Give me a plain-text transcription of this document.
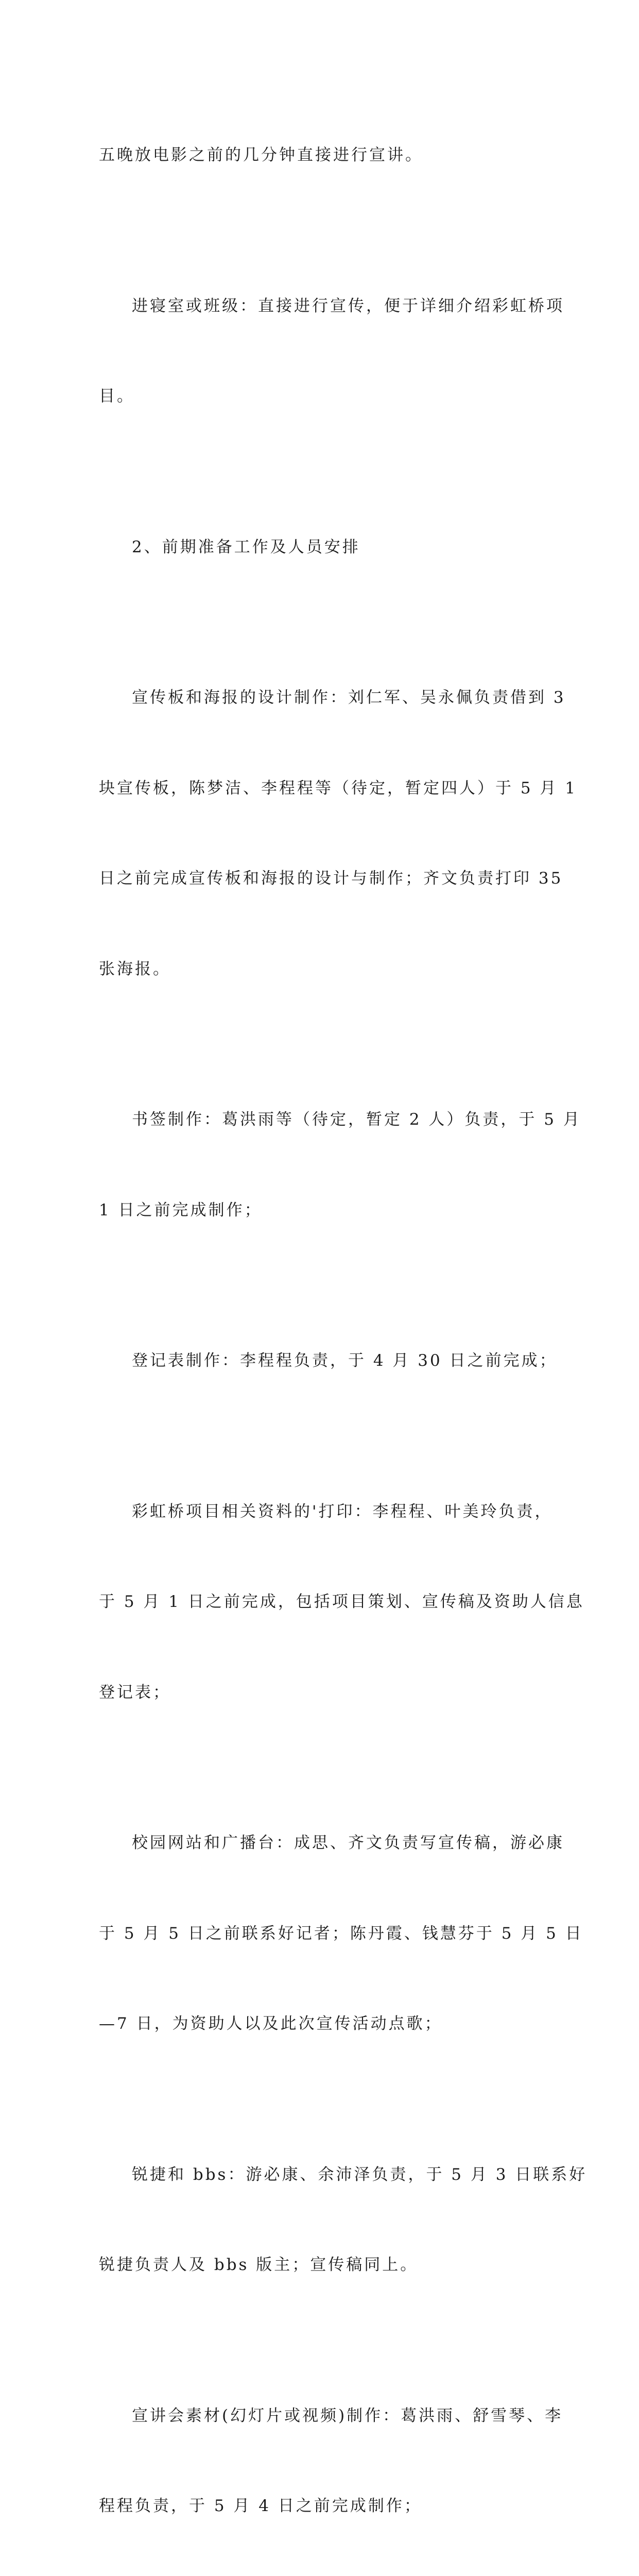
五晚放电影之前的几分钟直接进行宣讲。

进寝室或班级：直接进行宣传，便于详细介绍彩虹桥项

目。

2、前期准备工作及人员安排

宣传板和海报的设计制作：刘仁军、吴永佩负责借到 3

块宣传板，陈梦洁、李程程等（待定，暂定四人）于 5 月 1

日之前完成宣传板和海报的设计与制作；齐文负责打印 35

张海报。

书签制作：葛洪雨等（待定，暂定 2 人）负责，于 5 月

1 日之前完成制作；

登记表制作：李程程负责，于 4 月 30 日之前完成；

彩虹桥项目相关资料的'打印：李程程、叶美玲负责，

于 5 月 1 日之前完成，包括项目策划、宣传稿及资助人信息

登记表；

校园网站和广播台：成思、齐文负责写宣传稿，游必康

于 5 月 5 日之前联系好记者；陈丹霞、钱慧芬于 5 月 5 日

—7 日，为资助人以及此次宣传活动点歌；

锐捷和 bbs：游必康、余沛泽负责，于 5 月 3 日联系好

锐捷负责人及 bbs 版主；宣传稿同上。

宣讲会素材(幻灯片或视频)制作：葛洪雨、舒雪琴、李

程程负责，于 5 月 4 日之前完成制作；
